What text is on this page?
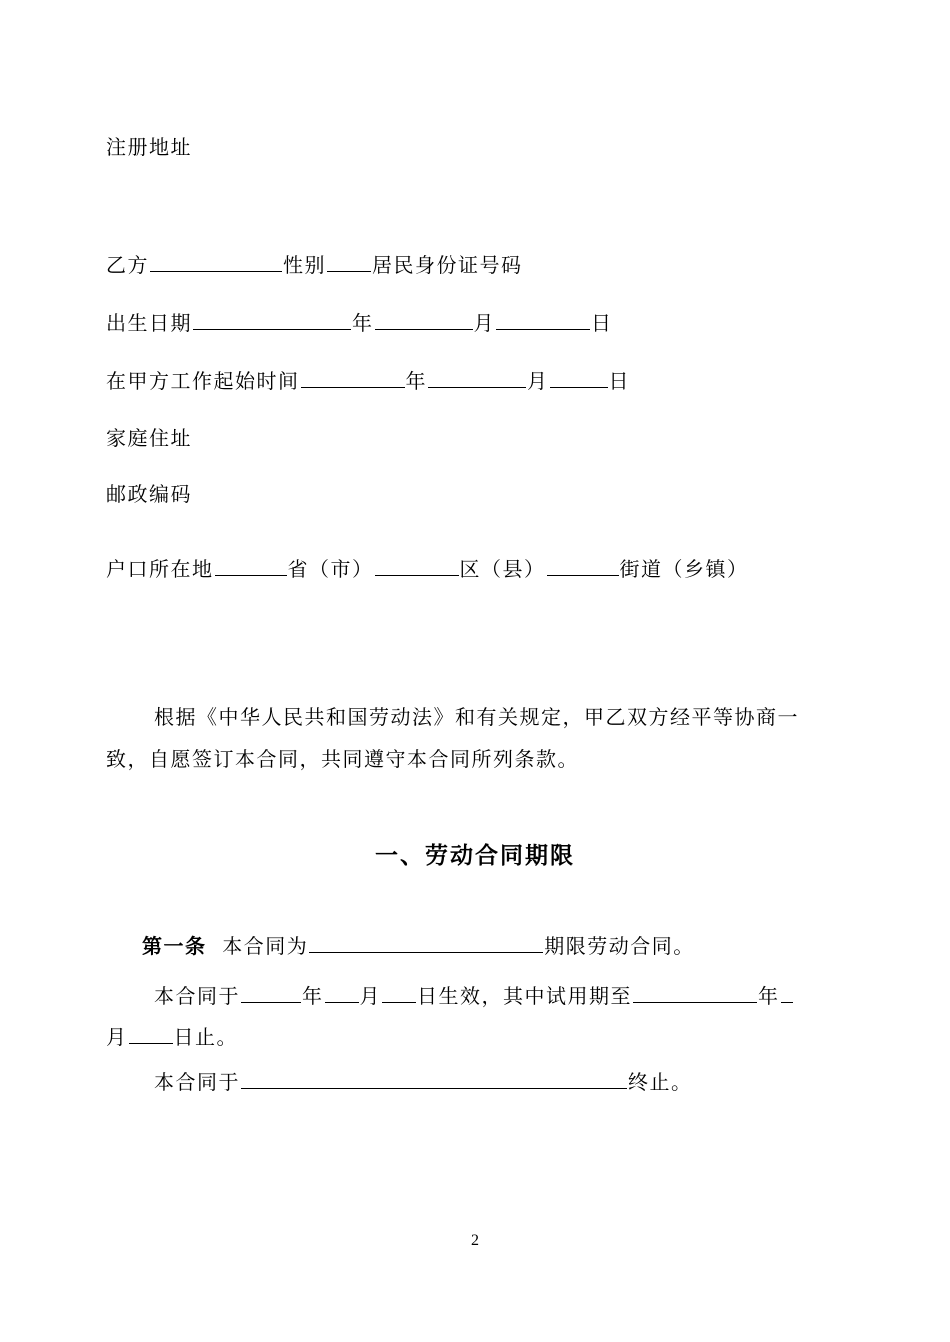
注册地址
乙方	性别 居民身份证号码
出生日期	年	月	日
在甲方工作起始时间	年	月	日
家庭住址
邮政编码
户口所在地	省（市）	区（县）	街道（乡镇）
根据《中华人民共和国劳动法》和有关规定，甲乙双方经平等协商一
致，自愿签订本合同，共同遵守本合同所列条款。
一、劳动合同期限
第一条 本合同为	期限劳动合同。
本合同于	年 月 日生效，其中试用期至	年
月 日止。
本合同于	终止。
2
